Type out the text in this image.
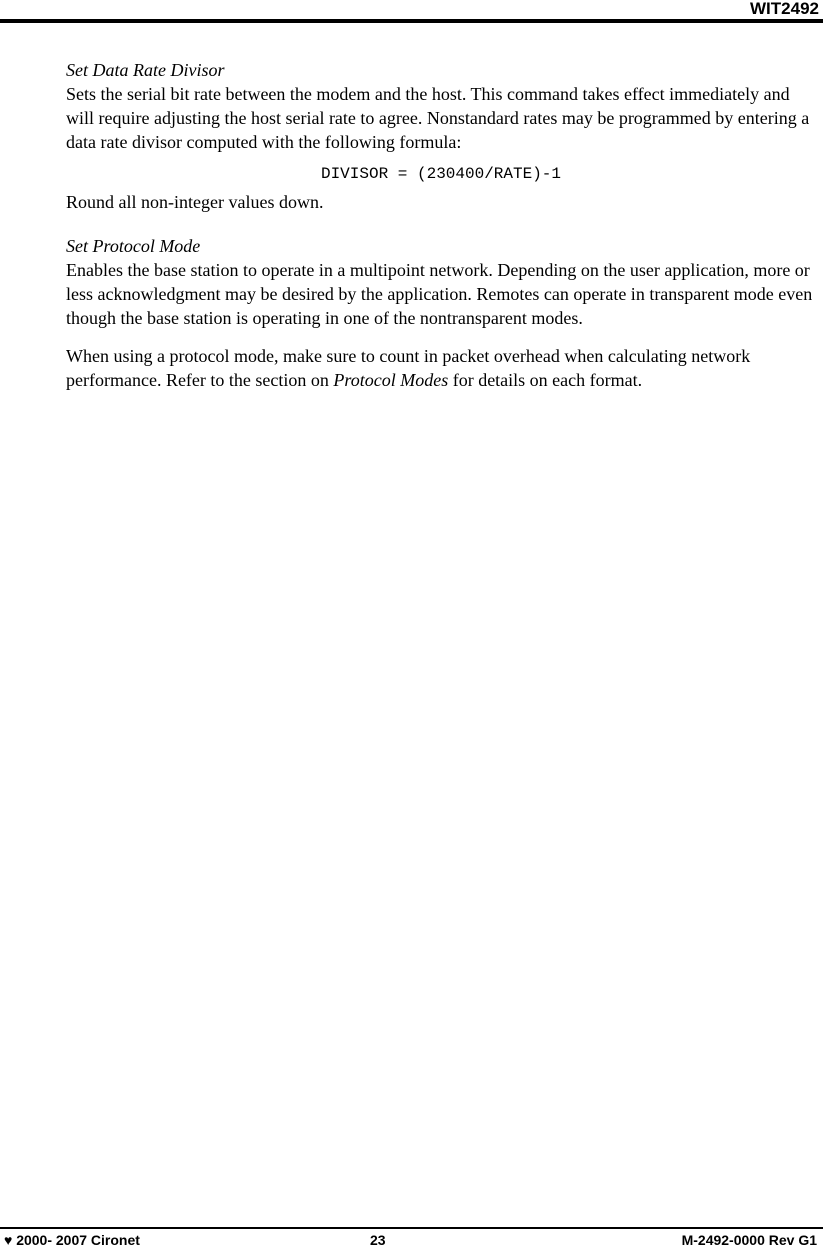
WIT2492

Set Data Rate Divisor

Sets the serial bit rate between the modem and the host. This command takes effect immediately and will require adjusting the host serial rate to agree. Nonstandard rates may be programmed by entering a data rate divisor computed with the following formula:

DIVISOR = (230400/RATE)-1

Round all non-integer values down.

Set Protocol Mode

Enables the base station to operate in a multipoint network. Depending on the user application, more or less acknowledgment may be desired by the application. Remotes can operate in transparent mode even though the base station is operating in one of the nontransparent modes.

When using a protocol mode, make sure to count in packet overhead when calculating network performance. Refer to the section on Protocol Modes for details on each format.

♥ 2000- 2007 Cironet	23	M-2492-0000 Rev G1
